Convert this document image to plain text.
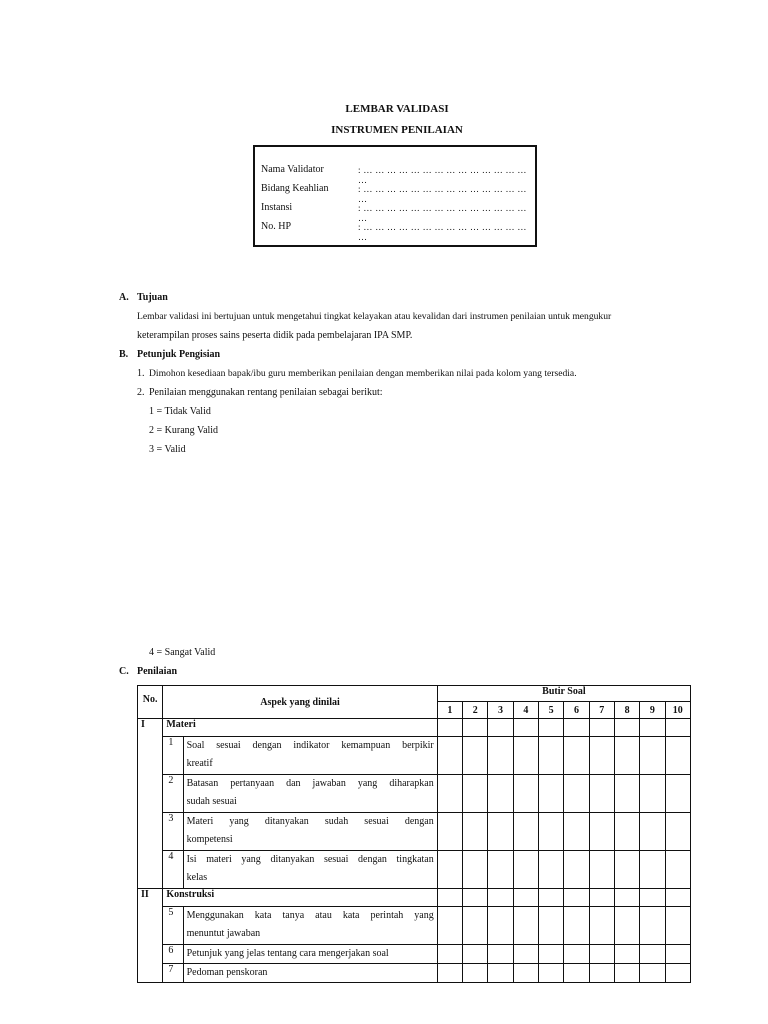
LEMBAR VALIDASI
INSTRUMEN PENILAIAN
Nama Validator	: … … … … … … … … … … … … … … …
Bidang Keahlian	: … … … … … … … … … … … … … … …
Instansi	: … … … … … … … … … … … … … … …
No. HP	: … … … … … … … … … … … … … … …
A. Tujuan
Lembar validasi ini bertujuan untuk mengetahui tingkat kelayakan atau kevalidan dari instrumen penilaian untuk mengukur
keterampilan proses sains peserta didik pada pembelajaran IPA SMP.
B. Petunjuk Pengisian
1. Dimohon kesediaan bapak/ibu guru memberikan penilaian dengan memberikan nilai pada kolom yang tersedia.
2. Penilaian menggunakan rentang penilaian sebagai berikut:
1 = Tidak Valid
2 = Kurang Valid
3 = Valid
4 = Sangat Valid
C. Penilaian
No.	Aspek yang dinilai		Butir Soal									
			1	2	3	4	5	6	7	8	9	10
I	Materi											
	1	Soal sesuai dengan indikator kemampuan berpikir
kreatif										

	2	Batasan pertanyaan dan jawaban yang diharapkan
sudah sesuai										

	3	Materi yang ditanyakan sudah sesuai dengan
kompetensi										

	4	Isi materi yang ditanyakan sesuai dengan tingkatan
kelas										

II	Konstruksi											
	5	Menggunakan kata tanya atau kata perintah yang
menuntut jawaban										

	6	Petunjuk yang jelas tentang cara mengerjakan soal										
	7	Pedoman penskoran										
